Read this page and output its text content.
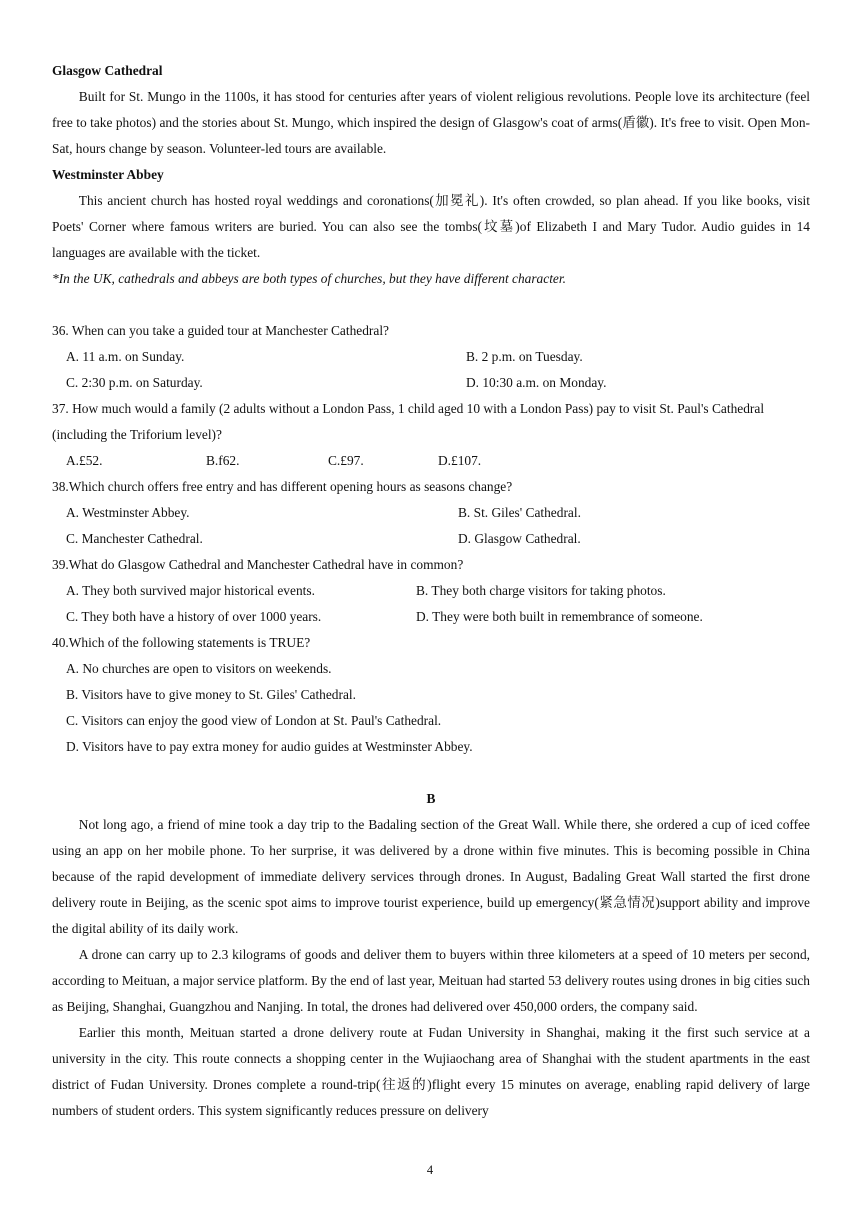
Glasgow Cathedral
Built for St. Mungo in the 1100s, it has stood for centuries after years of violent religious revolutions. People love its architecture (feel free to take photos) and the stories about St. Mungo, which inspired the design of Glasgow's coat of arms(盾徽). It's free to visit. Open Mon-Sat, hours change by season. Volunteer-led tours are available.
Westminster Abbey
This ancient church has hosted royal weddings and coronations(加冕礼). It's often crowded, so plan ahead. If you like books, visit Poets' Corner where famous writers are buried. You can also see the tombs(坟墓)of Elizabeth I and Mary Tudor. Audio guides in 14 languages are available with the ticket.
*In the UK, cathedrals and abbeys are both types of churches, but they have different character.
36. When can you take a guided tour at Manchester Cathedral?
A. 11 a.m. on Sunday.	B. 2 p.m. on Tuesday.
C. 2:30 p.m. on Saturday.	D. 10:30 a.m. on Monday.
37. How much would a family (2 adults without a London Pass, 1 child aged 10 with a London Pass) pay to visit St. Paul's Cathedral (including the Triforium level)?
A.£52.	B.f62.	C.£97.	D.£107.
38.Which church offers free entry and has different opening hours as seasons change?
A. Westminster Abbey.	B. St. Giles' Cathedral.
C. Manchester Cathedral.	D. Glasgow Cathedral.
39.What do Glasgow Cathedral and Manchester Cathedral have in common?
A. They both survived major historical events.	B. They both charge visitors for taking photos.
C. They both have a history of over 1000 years.	D. They were both built in remembrance of someone.
40.Which of the following statements is TRUE?
A. No churches are open to visitors on weekends.
B. Visitors have to give money to St. Giles' Cathedral.
C. Visitors can enjoy the good view of London at St. Paul's Cathedral.
D. Visitors have to pay extra money for audio guides at Westminster Abbey.
B
Not long ago, a friend of mine took a day trip to the Badaling section of the Great Wall. While there, she ordered a cup of iced coffee using an app on her mobile phone. To her surprise, it was delivered by a drone within five minutes. This is becoming possible in China because of the rapid development of immediate delivery services through drones. In August, Badaling Great Wall started the first drone delivery route in Beijing, as the scenic spot aims to improve tourist experience, build up emergency(紧急情况)support ability and improve the digital ability of its daily work.
A drone can carry up to 2.3 kilograms of goods and deliver them to buyers within three kilometers at a speed of 10 meters per second, according to Meituan, a major service platform. By the end of last year, Meituan had started 53 delivery routes using drones in big cities such as Beijing, Shanghai, Guangzhou and Nanjing. In total, the drones had delivered over 450,000 orders, the company said.
Earlier this month, Meituan started a drone delivery route at Fudan University in Shanghai, making it the first such service at a university in the city. This route connects a shopping center in the Wujiaochang area of Shanghai with the student apartments in the east district of Fudan University. Drones complete a round-trip(往返的)flight every 15 minutes on average, enabling rapid delivery of large numbers of student orders. This system significantly reduces pressure on delivery
4
